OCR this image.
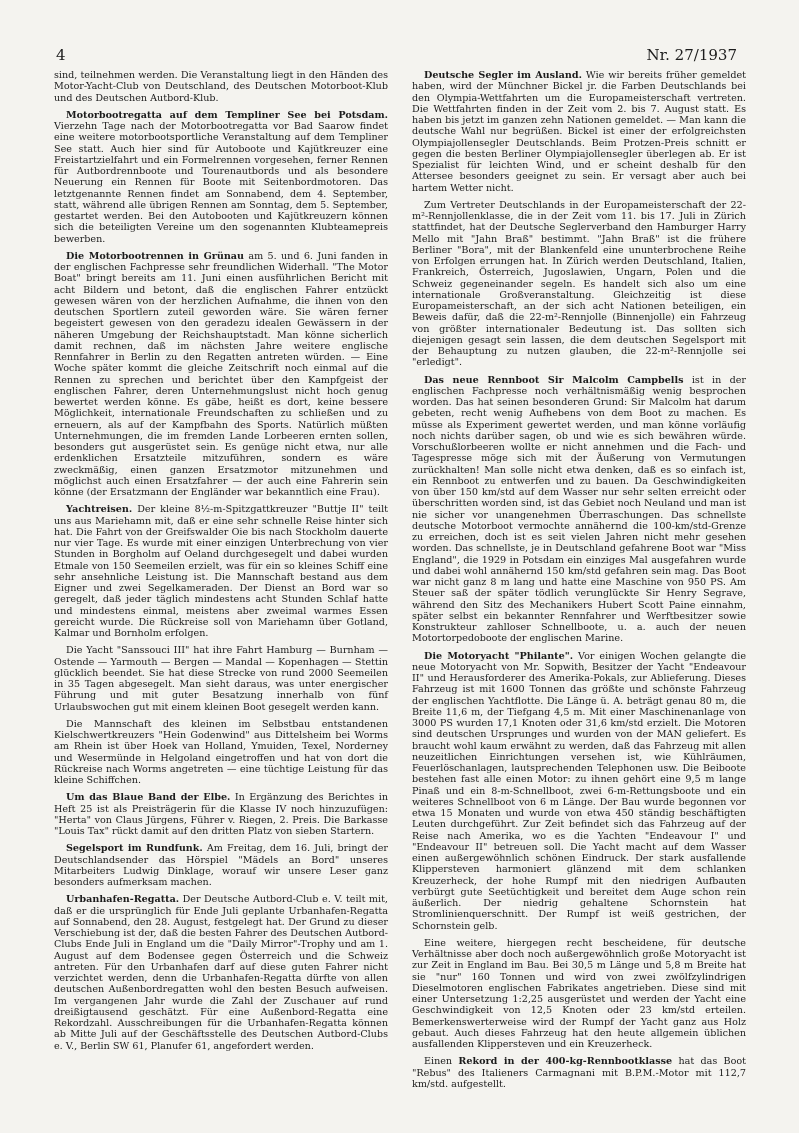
4	Nr. 27/1937

sind, teilnehmen werden. Die Veranstaltung liegt in den Händen des Motor-Yacht-Club von Deutschland, des Deutschen Motorboot-Klub und des Deutschen Autbord-Klub.

Motorbootregatta auf dem Templiner See bei Potsdam. Vierzehn Tage nach der Motorbootregatta vor Bad Saarow findet eine weitere motorbootsportliche Veranstaltung auf dem Templiner See statt. Auch hier sind für Autoboote und Kajütkreuzer eine Freistartzielfahrt und ein Formelrennen vorgesehen, ferner Rennen für Autbordrennboote und Tourenautbords und als besondere Neuerung ein Rennen für Boote mit Seitenbordmotoren. Das letztgenannte Rennen findet am Sonnabend, dem 4. September, statt, während alle übrigen Rennen am Sonntag, dem 5. September, gestartet werden. Bei den Autobooten und Kajütkreuzern können sich die beteiligten Vereine um den sogenannten Klubteamepreis bewerben.

Die Motorbootrennen in Grünau am 5. und 6. Juni fanden in der englischen Fachpresse sehr freundlichen Widerhall. "The Motor Boat" bringt bereits am 11. Juni einen ausführlichen Bericht mit acht Bildern und betont, daß die englischen Fahrer entzückt gewesen wären von der herzlichen Aufnahme, die ihnen von den deutschen Sportlern zuteil geworden wäre. Sie wären ferner begeistert gewesen von den geradezu idealen Gewässern in der näheren Umgebung der Reichshauptstadt. Man könne sicherlich damit rechnen, daß im nächsten Jahre weitere englische Rennfahrer in Berlin zu den Regatten antreten würden. — Eine Woche später kommt die gleiche Zeitschrift noch einmal auf die Rennen zu sprechen und berichtet über den Kampfgeist der englischen Fahrer, deren Unternehmungslust nicht hoch genug bewertet werden könne. Es gäbe, heißt es dort, keine bessere Möglichkeit, internationale Freundschaften zu schließen und zu erneuern, als auf der Kampfbahn des Sports. Natürlich müßten Unternehmungen, die im fremden Lande Lorbeeren ernten sollen, besonders gut ausgerüstet sein. Es genüge nicht etwa, nur alle erdenklichen Ersatzteile mitzuführen, sondern es wäre zweckmäßig, einen ganzen Ersatzmotor mitzunehmen und möglichst auch einen Ersatzfahrer — der auch eine Fahrerin sein könne (der Ersatzmann der Engländer war bekanntlich eine Frau).

Yachtreisen. Der kleine 8½-m-Spitzgattkreuzer "Buttje II" teilt uns aus Mariehamn mit, daß er eine sehr schnelle Reise hinter sich hat. Die Fahrt von der Greifswalder Oie bis nach Stockholm dauerte nur vier Tage. Es wurde mit einer einzigen Unterbrechung von vier Stunden in Borgholm auf Oeland durchgesegelt und dabei wurden Etmale von 150 Seemeilen erzielt, was für ein so kleines Schiff eine sehr ansehnliche Leistung ist. Die Mannschaft bestand aus dem Eigner und zwei Segelkameraden. Der Dienst an Bord war so geregelt, daß jeder täglich mindestens acht Stunden Schlaf hatte und mindestens einmal, meistens aber zweimal warmes Essen gereicht wurde. Die Rückreise soll von Mariehamn über Gotland, Kalmar und Bornholm erfolgen.

Die Yacht "Sanssouci III" hat ihre Fahrt Hamburg — Burnham — Ostende — Yarmouth — Bergen — Mandal — Kopenhagen — Stettin glücklich beendet. Sie hat diese Strecke von rund 2000 Seemeilen in 35 Tagen abgesegelt. Man sieht daraus, was unter energischer Führung und mit guter Besatzung innerhalb von fünf Urlaubswochen gut mit einem kleinen Boot gesegelt werden kann.

Die Mannschaft des kleinen im Selbstbau entstandenen Kielschwertkreuzers "Hein Godenwind" aus Dittelsheim bei Worms am Rhein ist über Hoek van Holland, Ymuiden, Texel, Norderney und Wesermünde in Helgoland eingetroffen und hat von dort die Rückreise nach Worms angetreten — eine tüchtige Leistung für das kleine Schiffchen.

Um das Blaue Band der Elbe. In Ergänzung des Berichtes in Heft 25 ist als Preisträgerin für die Klasse IV noch hinzuzufügen: "Herta" von Claus Jürgens, Führer v. Riegen, 2. Preis. Die Barkasse "Louis Tax" rückt damit auf den dritten Platz von sieben Startern.

Segelsport im Rundfunk. Am Freitag, dem 16. Juli, bringt der Deutschlandsender das Hörspiel "Mädels an Bord" unseres Mitarbeiters Ludwig Dinklage, worauf wir unsere Leser ganz besonders aufmerksam machen.

Urbanhafen-Regatta. Der Deutsche Autbord-Club e. V. teilt mit, daß er die ursprünglich für Ende Juli geplante Urbanhafen-Regatta auf Sonnabend, den 28. August, festgelegt hat. Der Grund zu dieser Verschiebung ist der, daß die besten Fahrer des Deutschen Autbord-Clubs Ende Juli in England um die "Daily Mirror"-Trophy und am 1. August auf dem Bodensee gegen Österreich und die Schweiz antreten. Für den Urbanhafen darf auf diese guten Fahrer nicht verzichtet werden, denn die Urbanhafen-Regatta dürfte von allen deutschen Außenbordregatten wohl den besten Besuch aufweisen. Im vergangenen Jahr wurde die Zahl der Zuschauer auf rund dreißigtausend geschätzt. Für eine Außenbord-Regatta eine Rekordzahl. Ausschreibungen für die Urbanhafen-Regatta können ab Mitte Juli auf der Geschäftsstelle des Deutschen Autbord-Clubs e. V., Berlin SW 61, Planufer 61, angefordert werden.

Deutsche Segler im Ausland. Wie wir bereits früher gemeldet haben, wird der Münchner Bickel jr. die Farben Deutschlands bei den Olympia-Wettfahrten um die Europameisterschaft vertreten. Die Wettfahrten finden in der Zeit vom 2. bis 7. August statt. Es haben bis jetzt im ganzen zehn Nationen gemeldet. — Man kann die deutsche Wahl nur begrüßen. Bickel ist einer der erfolgreichsten Olympiajollensegler Deutschlands. Beim Protzen-Preis schnitt er gegen die besten Berliner Olympiajollensegler überlegen ab. Er ist Spezialist für leichten Wind, und er scheint deshalb für den Attersee besonders geeignet zu sein. Er versagt aber auch bei hartem Wetter nicht.

Zum Vertreter Deutschlands in der Europameisterschaft der 22-m²-Rennjollenklasse, die in der Zeit vom 11. bis 17. Juli in Zürich stattfindet, hat der Deutsche Seglerverband den Hamburger Harry Mello mit "Jahn Braß" bestimmt. "Jahn Braß" ist die frühere Berliner "Bora", mit der Blankenfeld eine ununterbrochene Reihe von Erfolgen errungen hat. In Zürich werden Deutschland, Italien, Frankreich, Österreich, Jugoslawien, Ungarn, Polen und die Schweiz gegeneinander segeln. Es handelt sich also um eine internationale Großveranstaltung. Gleichzeitig ist diese Europameisterschaft, an der sich acht Nationen beteiligen, ein Beweis dafür, daß die 22-m²-Rennjolle (Binnenjolle) ein Fahrzeug von größter internationaler Bedeutung ist. Das sollten sich diejenigen gesagt sein lassen, die dem deutschen Segelsport mit der Behauptung zu nutzen glauben, die 22-m²-Rennjolle sei "erledigt".

Das neue Rennboot Sir Malcolm Campbells ist in der englischen Fachpresse noch verhältnismäßig wenig besprochen worden. Das hat seinen besonderen Grund: Sir Malcolm hat darum gebeten, recht wenig Aufhebens von dem Boot zu machen. Es müsse als Experiment gewertet werden, und man könne vorläufig noch nichts darüber sagen, ob und wie es sich bewähren würde. Vorschußlorbeeren wollte er nicht annehmen und die Fach- und Tagespresse möge sich mit der Äußerung von Vermutungen zurückhalten! Man solle nicht etwa denken, daß es so einfach ist, ein Rennboot zu entwerfen und zu bauen. Da Geschwindigkeiten von über 150 km/std auf dem Wasser nur sehr selten erreicht oder überschritten worden sind, ist das Gebiet noch Neuland und man ist nie sicher vor unangenehmen Überraschungen. Das schnellste deutsche Motorboot vermochte annähernd die 100-km/std-Grenze zu erreichen, doch ist es seit vielen Jahren nicht mehr gesehen worden. Das schnellste, je in Deutschland gefahrene Boot war "Miss England", die 1929 in Potsdam ein einziges Mal ausgefahren wurde und dabei wohl annähernd 150 km/std gefahren sein mag. Das Boot war nicht ganz 8 m lang und hatte eine Maschine von 950 PS. Am Steuer saß der später tödlich verunglückte Sir Henry Segrave, während den Sitz des Mechanikers Hubert Scott Paine einnahm, später selbst ein bekannter Rennfahrer und Werftbesitzer sowie Konstrukteur zahlloser Schnellboote, u. a. auch der neuen Motortorpedoboote der englischen Marine.

Die Motoryacht "Philante". Vor einigen Wochen gelangte die neue Motoryacht von Mr. Sopwith, Besitzer der Yacht "Endeavour II" und Herausforderer des Amerika-Pokals, zur Ablieferung. Dieses Fahrzeug ist mit 1600 Tonnen das größte und schönste Fahrzeug der englischen Yachtflotte. Die Länge ü. A. beträgt genau 80 m, die Breite 11,6 m, der Tiefgang 4,5 m. Mit einer Maschinenanlage von 3000 PS wurden 17,1 Knoten oder 31,6 km/std erzielt. Die Motoren sind deutschen Ursprunges und wurden von der MAN geliefert. Es braucht wohl kaum erwähnt zu werden, daß das Fahrzeug mit allen neuzeitlichen Einrichtungen versehen ist, wie Kühlräumen, Feuerlöschanlagen, lautsprechenden Telephonen usw. Die Beiboote bestehen fast alle einen Motor: zu ihnen gehört eine 9,5 m lange Pinaß und ein 8-m-Schnellboot, zwei 6-m-Rettungsboote und ein weiteres Schnellboot von 6 m Länge. Der Bau wurde begonnen vor etwa 15 Monaten und wurde von etwa 450 ständig beschäftigten Leuten durchgeführt. Zur Zeit befindet sich das Fahrzeug auf der Reise nach Amerika, wo es die Yachten "Endeavour I" und "Endeavour II" betreuen soll. Die Yacht macht auf dem Wasser einen außergewöhnlich schönen Eindruck. Der stark ausfallende Klippersteven harmoniert glänzend mit dem schlanken Kreuzerheck, der hohe Rumpf mit den niedrigen Aufbauten verbürgt gute Seetüchtigkeit und bereitet dem Auge schon rein äußerlich. Der niedrig gehaltene Schornstein hat Stromlinienquerschnitt. Der Rumpf ist weiß gestrichen, der Schornstein gelb.

Eine weitere, hiergegen recht bescheidene, für deutsche Verhältnisse aber doch noch außergewöhnlich große Motoryacht ist zur Zeit in England im Bau. Bei 30,5 m Länge und 5,8 m Breite hat sie "nur" 160 Tonnen und wird von zwei zwölfzylindrigen Dieselmotoren englischen Fabrikates angetrieben. Diese sind mit einer Untersetzung 1:2,25 ausgerüstet und werden der Yacht eine Geschwindigkeit von 12,5 Knoten oder 23 km/std erteilen. Bemerkenswerterweise wird der Rumpf der Yacht ganz aus Holz gebaut. Auch dieses Fahrzeug hat den heute allgemein üblichen ausfallenden Klippersteven und ein Kreuzerheck.

Einen Rekord in der 400-kg-Rennbootklasse hat das Boot "Rebus" des Italieners Carmagnani mit B.P.M.-Motor mit 112,7 km/std. aufgestellt.
